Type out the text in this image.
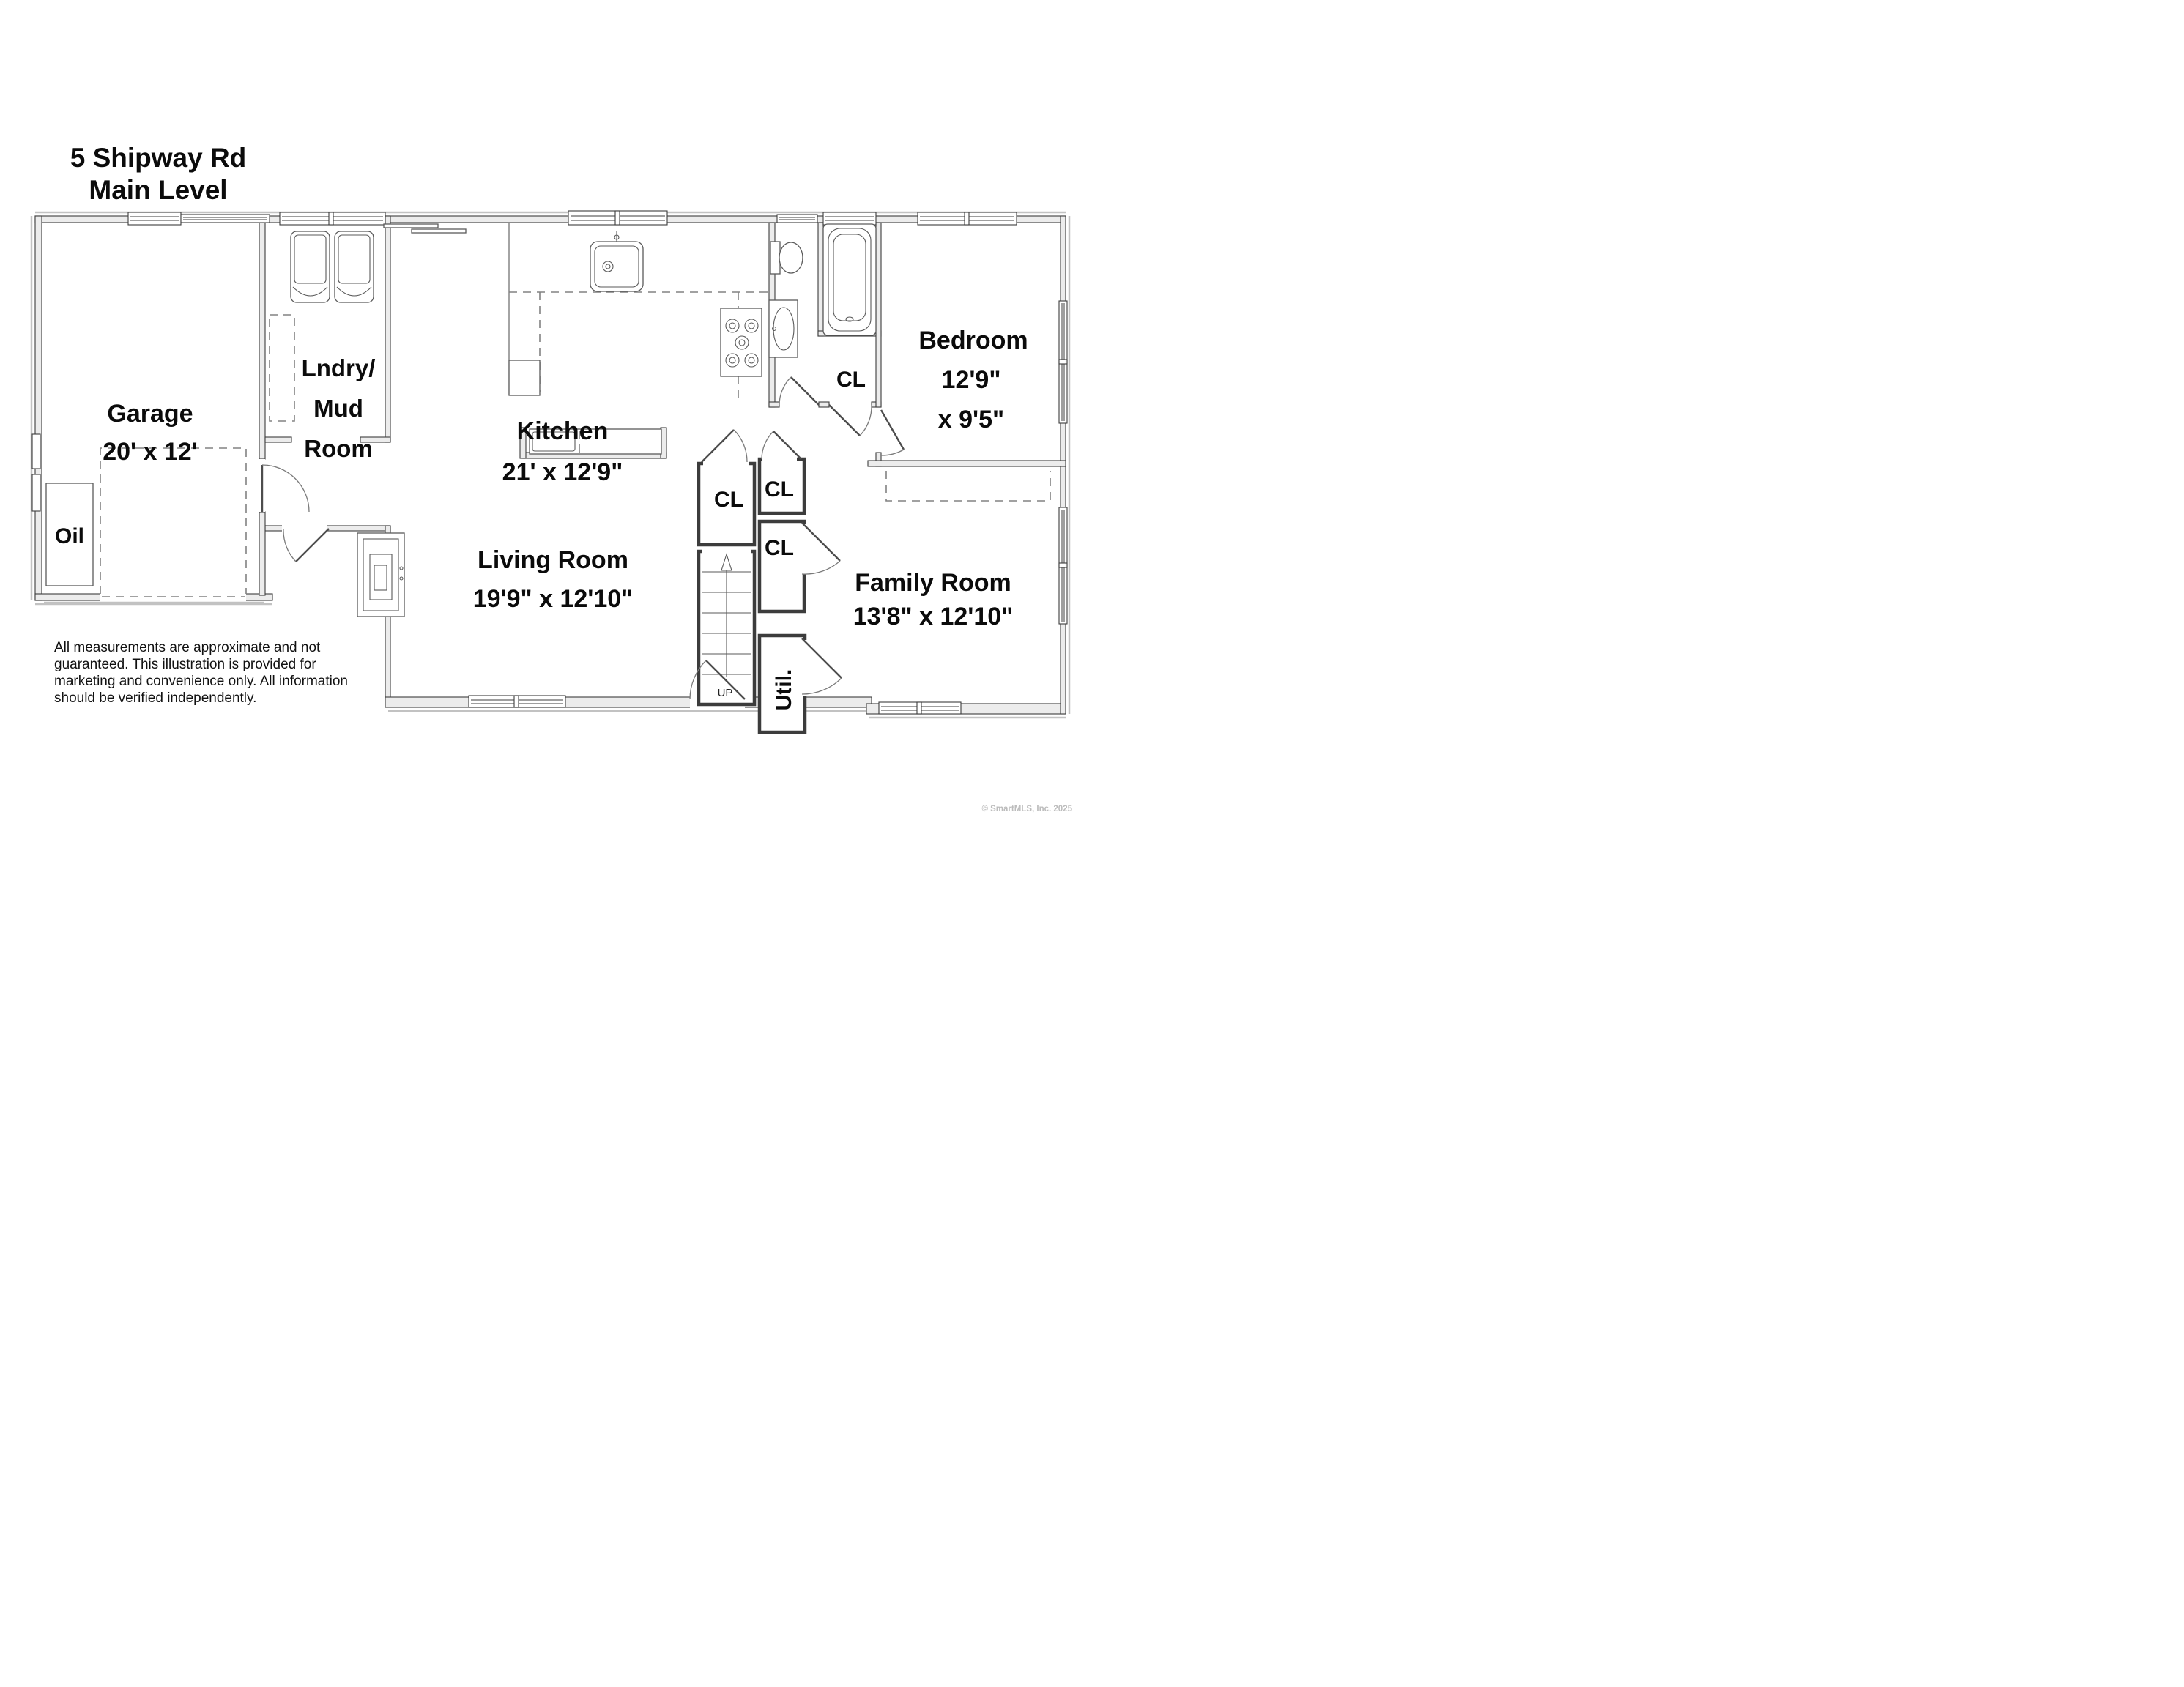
5 Shipway Rd
Main Level
Garage
20' x 12'
Lndry/
Mud
Room
Kitchen
21' x 12'9"
Bedroom
12'9"
x 9'5"
Living Room
19'9" x 12'10"
Family Room
13'8" x 12'10"
CL CL
CL
CL
Util.
Oil
UP
All measurements are approximate and not
guaranteed. This illustration is provided for
marketing and convenience only. All information
should be verified independently.
© SmartMLS, Inc. 2025
